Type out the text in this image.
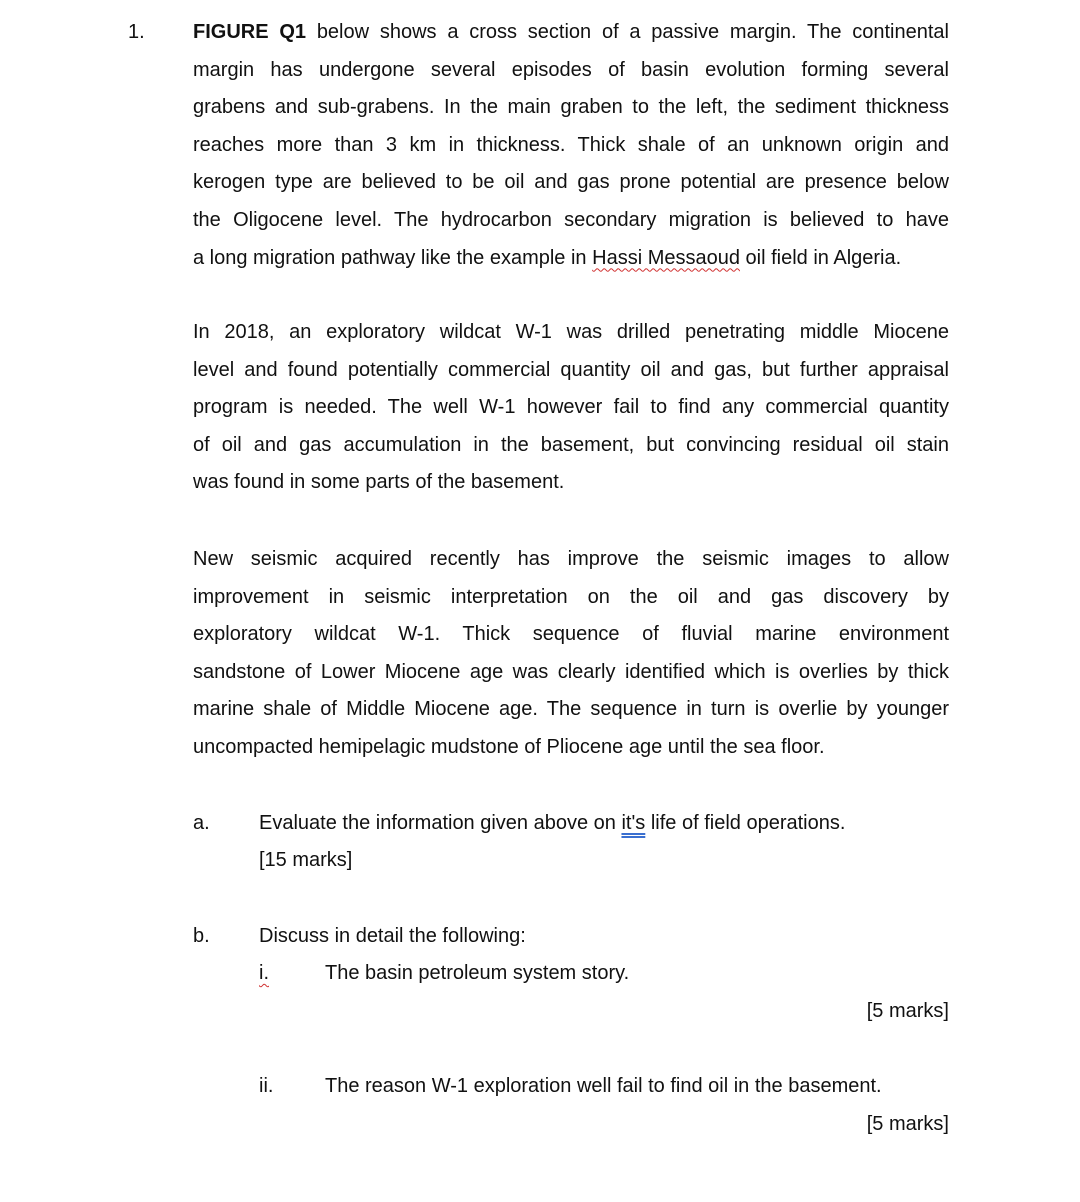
1. FIGURE Q1 below shows a cross section of a passive margin. The continental
margin has undergone several episodes of basin evolution forming several
grabens and sub-grabens. In the main graben to the left, the sediment thickness
reaches more than 3 km in thickness. Thick shale of an unknown origin and
kerogen type are believed to be oil and gas prone potential are presence below
the Oligocene level. The hydrocarbon secondary migration is believed to have
a long migration pathway like the example in Hassi Messaoud oil field in Algeria.
In 2018, an exploratory wildcat W-1 was drilled penetrating middle Miocene
level and found potentially commercial quantity oil and gas, but further appraisal
program is needed. The well W-1 however fail to find any commercial quantity
of oil and gas accumulation in the basement, but convincing residual oil stain
was found in some parts of the basement.
New seismic acquired recently has improve the seismic images to allow
improvement in seismic interpretation on the oil and gas discovery by
exploratory wildcat W-1. Thick sequence of fluvial marine environment
sandstone of Lower Miocene age was clearly identified which is overlies by thick
marine shale of Middle Miocene age. The sequence in turn is overlie by younger
uncompacted hemipelagic mudstone of Pliocene age until the sea floor.
a. Evaluate the information given above on it's life of field operations.
[15 marks]
b. Discuss in detail the following:
i.	The basin petroleum system story.
[5 marks]
ii.	The reason W-1 exploration well fail to find oil in the basement.
[5 marks]
